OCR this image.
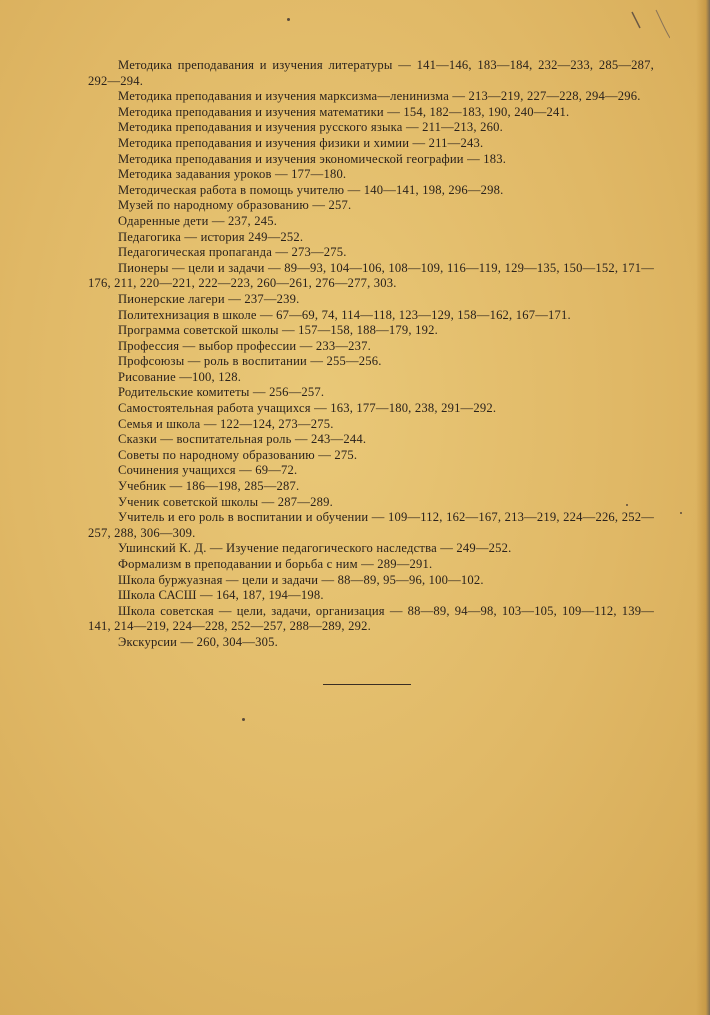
Методика преподавания и изучения литературы — 141—146, 183—184, 232—233, 285—287, 292—294.

Методика преподавания и изучения марксизма—ленинизма — 213—219, 227—228, 294—296.

Методика преподавания и изучения математики — 154, 182—183, 190, 240—241.

Методика преподавания и изучения русского языка — 211—213, 260.

Методика преподавания и изучения физики и химии — 211—243.

Методика преподавания и изучения экономической географии — 183.

Методика задавания уроков — 177—180.

Методическая работа в помощь учителю — 140—141, 198, 296—298.

Музей по народному образованию — 257.

Одаренные дети — 237, 245.

Педагогика — история 249—252.

Педагогическая пропаганда — 273—275.

Пионеры — цели и задачи — 89—93, 104—106, 108—109, 116—119, 129—135, 150—152, 171—176, 211, 220—221, 222—223, 260—261, 276—277, 303.

Пионерские лагери — 237—239.

Политехнизация в школе — 67—69, 74, 114—118, 123—129, 158—162, 167—171.

Программа советской школы — 157—158, 188—179, 192.

Профессия — выбор профессии — 233—237.

Профсоюзы — роль в воспитании — 255—256.

Рисование —100, 128.

Родительские комитеты — 256—257.

Самостоятельная работа учащихся — 163, 177—180, 238, 291—292.

Семья и школа — 122—124, 273—275.

Сказки — воспитательная роль — 243—244.

Советы по народному образованию — 275.

Сочинения учащихся — 69—72.

Учебник — 186—198, 285—287.

Ученик советской школы — 287—289.

Учитель и его роль в воспитании и обучении — 109—112, 162—167, 213—219, 224—226, 252—257, 288, 306—309.

Ушинский К. Д. — Изучение педагогического наследства — 249—252.

Формализм в преподавании и борьба с ним — 289—291.

Школа буржуазная — цели и задачи — 88—89, 95—96, 100—102.

Школа САСШ — 164, 187, 194—198.

Школа советская — цели, задачи, организация — 88—89, 94—98, 103—105, 109—112, 139—141, 214—219, 224—228, 252—257, 288—289, 292.

Экскурсии — 260, 304—305.
